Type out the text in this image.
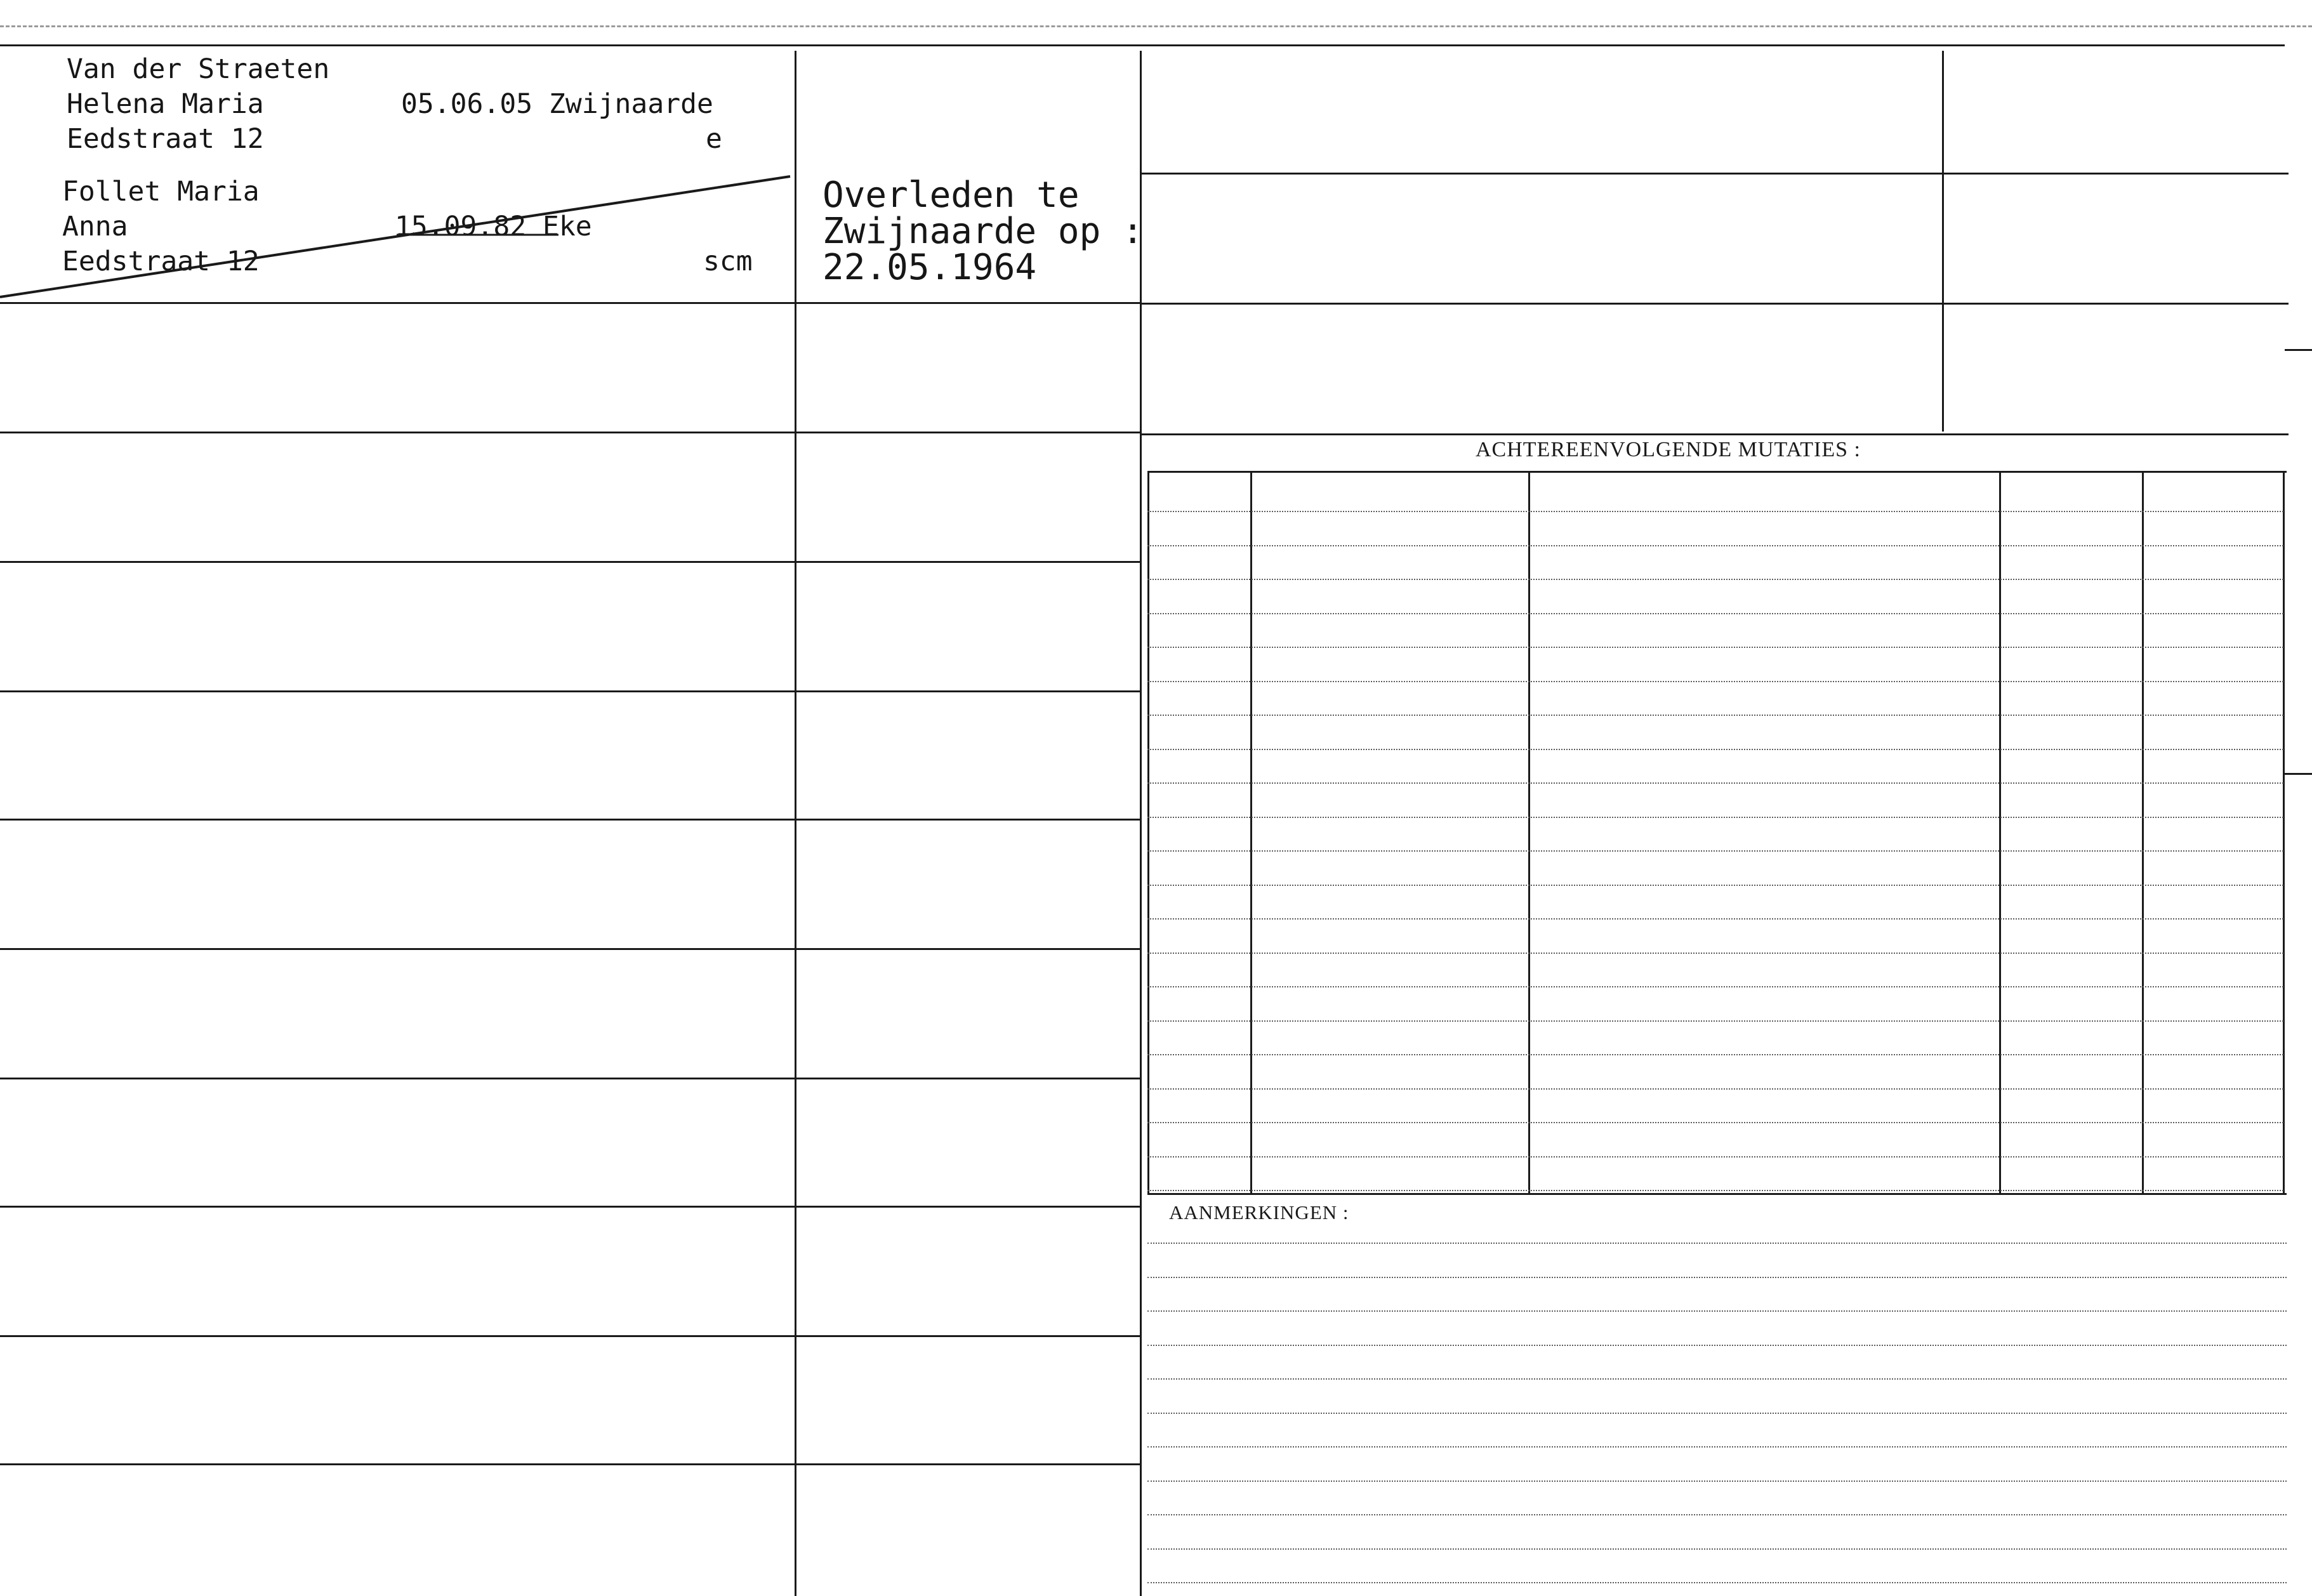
Van der Straeten
Helena Maria
Eedstraat 12
05.06.05 Zwijnaarde
e
Follet Maria
Anna
Eedstraat 12
15.09.82 Eke
scm
Overleden te
Zwijnaarde op :
22.05.1964
ACHTEREENVOLGENDE MUTATIES :
AANMERKINGEN :
